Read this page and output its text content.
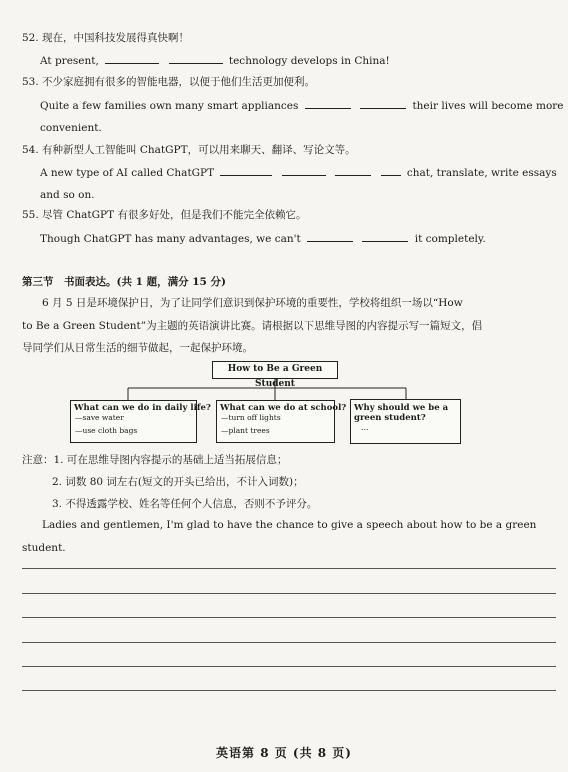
52. 现在，中国科技发展得真快啊！
At present,	technology develops in China!
53. 不少家庭拥有很多的智能电器，以便于他们生活更加便利。
Quite a few families own many smart appliances	their lives will become more
convenient.
54. 有种新型人工智能叫 ChatGPT，可以用来聊天、翻译、写论文等。
A new type of AI called ChatGPT	chat, translate, write essays
and so on.
55. 尽管 ChatGPT 有很多好处，但是我们不能完全依赖它。
Though ChatGPT has many advantages, we can't	it completely.
第三节　书面表达。(共 1 题，满分 15 分)
6 月 5 日是环境保护日，为了让同学们意识到保护环境的重要性，学校将组织一场以“How
to Be a Green Student”为主题的英语演讲比赛。请根据以下思维导图的内容提示写一篇短文，倡
导同学们从日常生活的细节做起，一起保护环境。
How to Be a Green Student
What can we do in daily life?
—save water
—use cloth bags
What can we do at school?
—turn off lights
—plant trees
Why should we be a
green student?
…
注意：1. 可在思维导图内容提示的基础上适当拓展信息；
2. 词数 80 词左右(短文的开头已给出，不计入词数)；
3. 不得透露学校、姓名等任何个人信息，否则不予评分。
Ladies and gentlemen, I'm glad to have the chance to give a speech about how to be a green
student.
英语第 8 页 (共 8 页)
